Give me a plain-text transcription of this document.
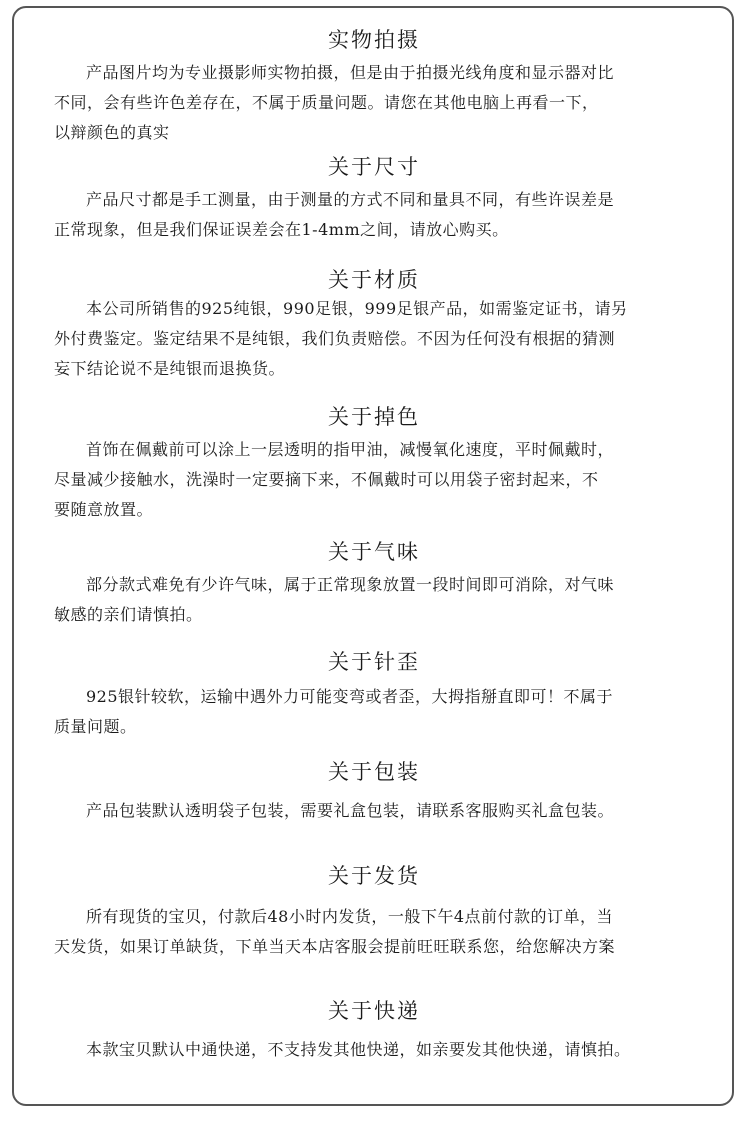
实物拍摄
产品图片均为专业摄影师实物拍摄，但是由于拍摄光线角度和显示器对比
不同，会有些许色差存在，不属于质量问题。请您在其他电脑上再看一下，
以辩颜色的真实
关于尺寸
产品尺寸都是手工测量，由于测量的方式不同和量具不同，有些许误差是
正常现象，但是我们保证误差会在1-4mm之间，请放心购买。
关于材质
本公司所销售的925纯银，990足银，999足银产品，如需鉴定证书，请另
外付费鉴定。鉴定结果不是纯银，我们负责赔偿。不因为任何没有根据的猜测
妄下结论说不是纯银而退换货。
关于掉色
首饰在佩戴前可以涂上一层透明的指甲油，减慢氧化速度，平时佩戴时，
尽量减少接触水，洗澡时一定要摘下来，不佩戴时可以用袋子密封起来，不
要随意放置。
关于气味
部分款式难免有少许气味，属于正常现象放置一段时间即可消除，对气味
敏感的亲们请慎拍。
关于针歪
925银针较软，运输中遇外力可能变弯或者歪，大拇指掰直即可！不属于
质量问题。
关于包装
产品包装默认透明袋子包装，需要礼盒包装，请联系客服购买礼盒包装。
关于发货
所有现货的宝贝，付款后48小时内发货，一般下午4点前付款的订单，当
天发货，如果订单缺货，下单当天本店客服会提前旺旺联系您，给您解决方案
关于快递
本款宝贝默认中通快递，不支持发其他快递，如亲要发其他快递，请慎拍。
